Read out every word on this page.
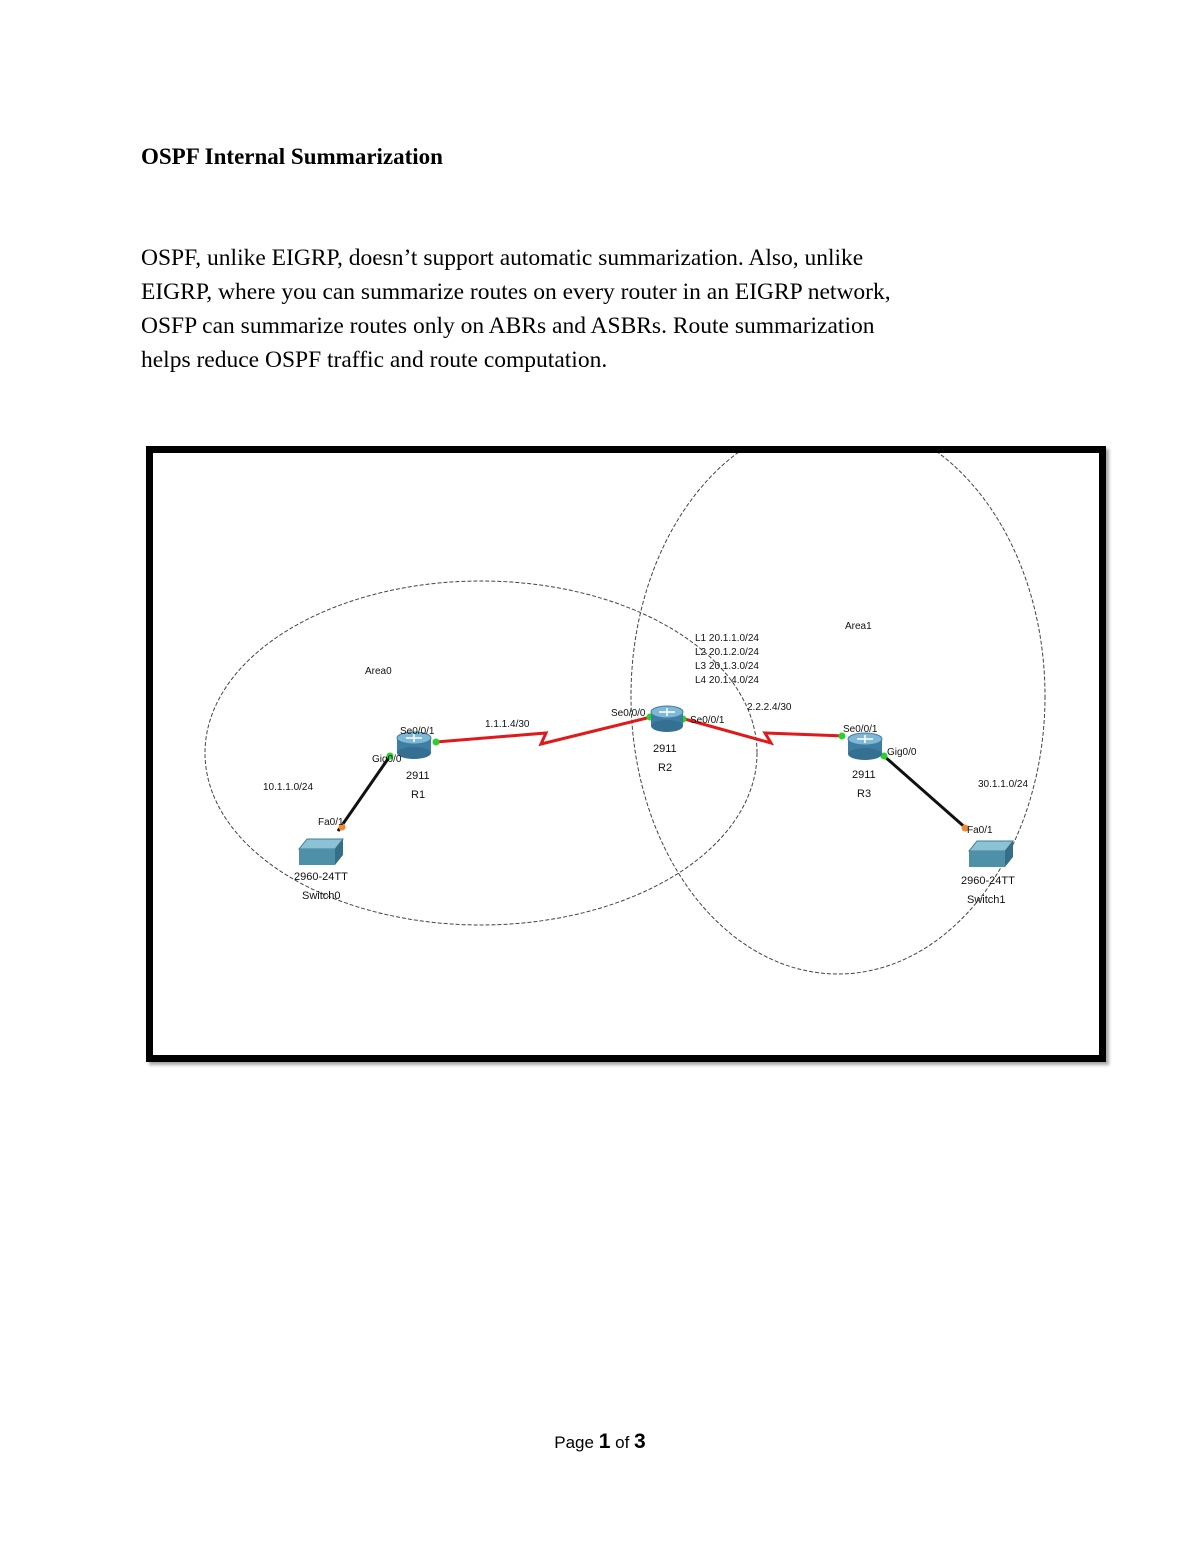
OSPF Internal Summarization

OSPF, unlike EIGRP, doesn’t support automatic summarization. Also, unlike
EIGRP, where you can summarize routes on every router in an EIGRP network,
OSFP can summarize routes only on ABRs and ASBRs. Route summarization
helps reduce OSPF traffic and route computation.

Area0
Area1
10.1.1.0/24	30.1.1.0/24
1.1.1.4/30
2.2.2.4/30
L1 20.1.1.0/24
L2 20.1.2.0/24
L3 20.1.3.0/24
L4 20.1.4.0/24
Se0/0/1
Gig0/0
2911
R1
Se0/0/0
Se0/0/1
2911
R2
Se0/0/1
Gig0/0
2911
R3
Fa0/1
2960-24TT
Switch0
Fa0/1
2960-24TT
Switch1
Page 1 of 3
